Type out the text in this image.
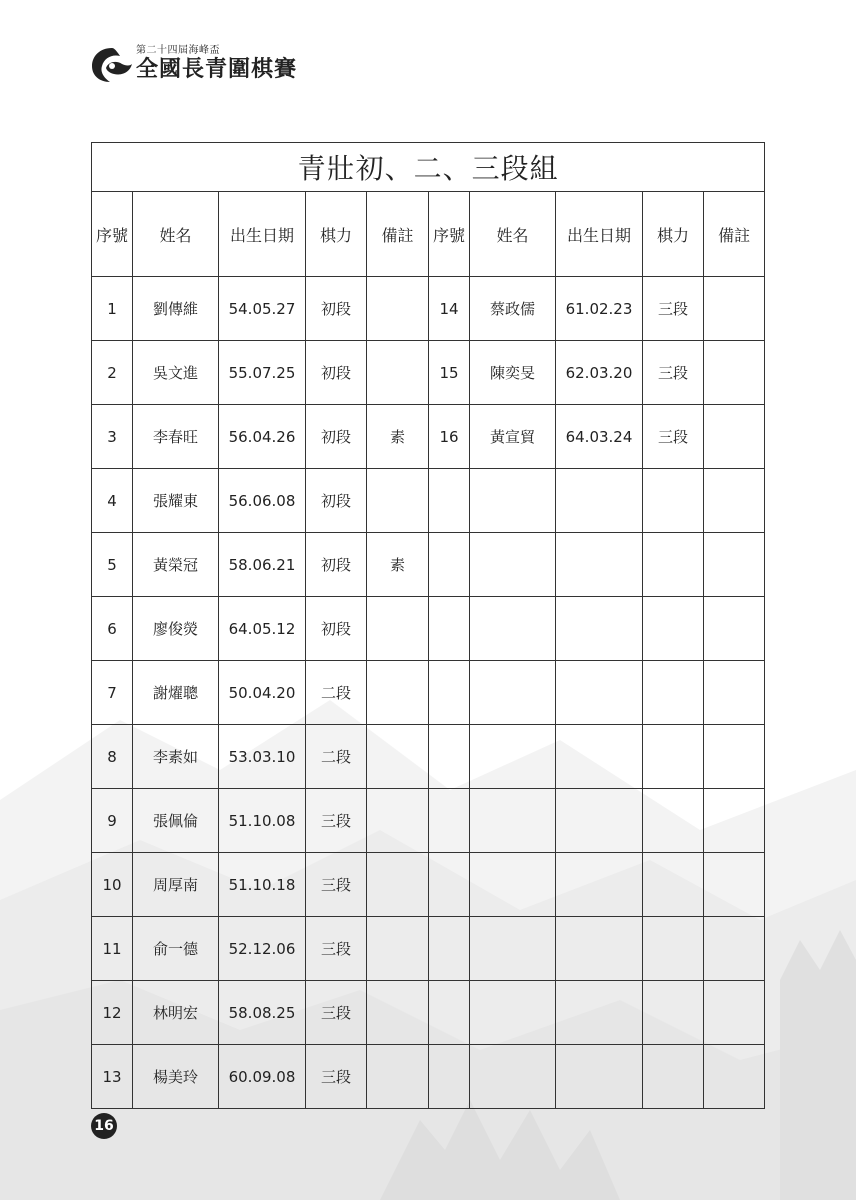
第二十四屆海峰盃
全國長青圍棋賽
青壯初、二、三段組									
序號	姓名	出生日期	棋力	備註	序號	姓名	出生日期	棋力	備註
1	劉傳維	54.05.27	初段		14	蔡政儒	61.02.23	三段	
2	吳文進	55.07.25	初段		15	陳奕旻	62.03.20	三段	
3	李春旺	56.04.26	初段	素	16	黃宣貿	64.03.24	三段	
4	張耀東	56.06.08	初段						
5	黃榮冠	58.06.21	初段	素					
6	廖俊熒	64.05.12	初段						
7	謝燿聰	50.04.20	二段						
8	李素如	53.03.10	二段						
9	張佩倫	51.10.08	三段						
10	周厚南	51.10.18	三段						
11	俞一德	52.12.06	三段						
12	林明宏	58.08.25	三段						
13	楊美玲	60.09.08	三段						
16
